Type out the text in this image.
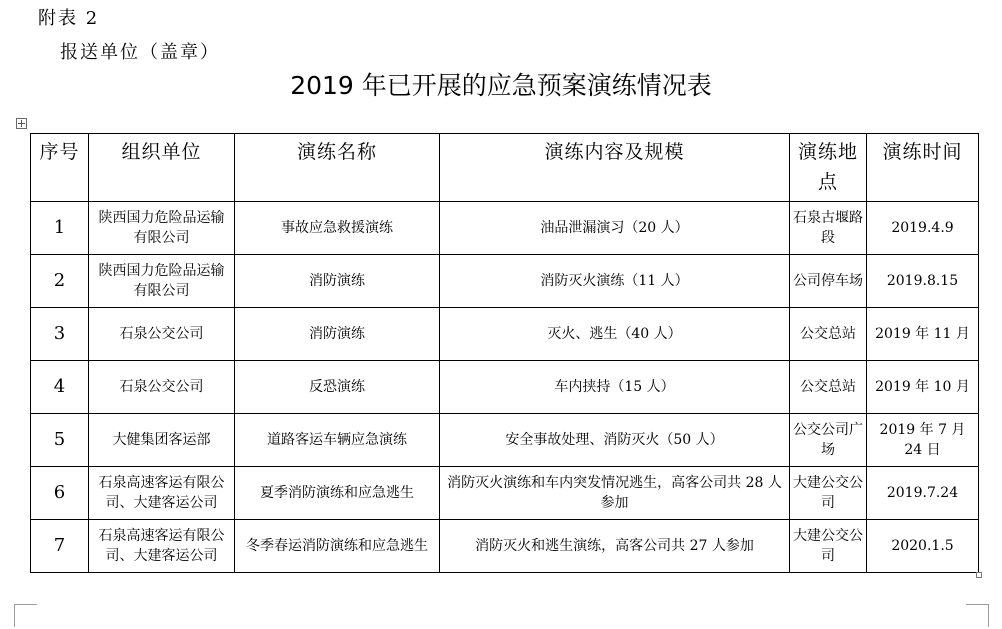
附表 2
报送单位（盖章）
2019 年已开展的应急预案演练情况表
序号	组织单位	演练名称	演练内容及规模	演练地点	演练时间
1	陕西国力危险品运输有限公司	事故应急救援演练	油品泄漏演习（20 人）	石泉古堰路段	2019.4.9
2	陕西国力危险品运输有限公司	消防演练	消防灭火演练（11 人）	公司停车场	2019.8.15
3	石泉公交公司	消防演练	灭火、逃生（40 人）	公交总站	2019 年 11 月
4	石泉公交公司	反恐演练	车内挟持（15 人）	公交总站	2019 年 10 月
5	大健集团客运部	道路客运车辆应急演练	安全事故处理、消防灭火（50 人）	公交公司广场	2019 年 7 月 24 日
6	石泉高速客运有限公司、大建客运公司	夏季消防演练和应急逃生	消防灭火演练和车内突发情况逃生，高客公司共 28 人参加	大建公交公司	2019.7.24
7	石泉高速客运有限公司、大建客运公司	冬季春运消防演练和应急逃生	消防灭火和逃生演练，高客公司共 27 人参加	大建公交公司	2020.1.5
